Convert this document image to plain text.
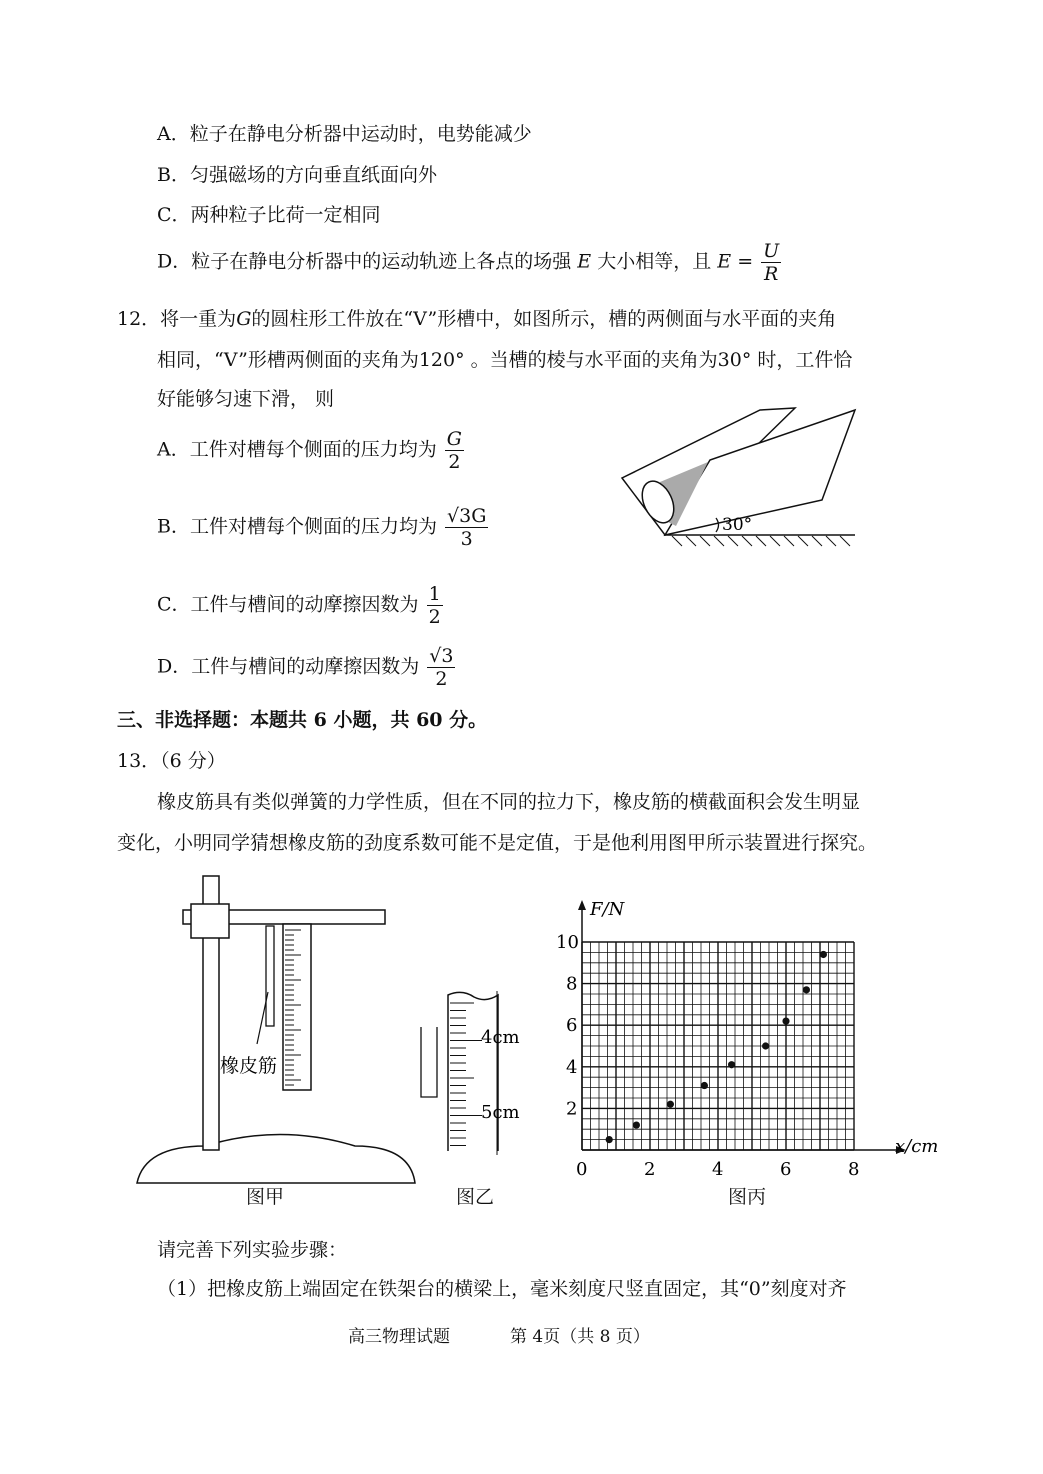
A．粒子在静电分析器中运动时，电势能减少
B．匀强磁场的方向垂直纸面向外
C．两种粒子比荷一定相同
D．粒子在静电分析器中的运动轨迹上各点的场强 E 大小相等，且 $E = \frac{U}{R}$
12．将一重为G的圆柱形工件放在“V”形槽中，如图所示，槽的两侧面与水平面的夹角
相同，“V”形槽两侧面的夹角为120° 。当槽的棱与水平面的夹角为30° 时，工件恰
好能够匀速下滑， 则
A．工件对槽每个侧面的压力均为 $\frac{G}{2}$
B．工件对槽每个侧面的压力均为 $\frac{√3G}{3}$
C．工件与槽间的动摩擦因数为 $\frac{1}{2}$
D．工件与槽间的动摩擦因数为 $\frac{√3}{2}$
30°
三、非选择题：本题共 6 小题，共 60 分。
13．（6 分）
橡皮筋具有类似弹簧的力学性质，但在不同的拉力下，橡皮筋的横截面积会发生明显
变化，小明同学猜想橡皮筋的劲度系数可能不是定值，于是他利用图甲所示装置进行探究。
橡皮筋
图甲
4cm
5cm
图乙
0	2	4	6	8
2
4
6
8
10
x/cm
F/N
图丙
请完善下列实验步骤：
（1）把橡皮筋上端固定在铁架台的横梁上，毫米刻度尺竖直固定，其“0”刻度对齐
高三物理试题	第 4页（共 8 页）
